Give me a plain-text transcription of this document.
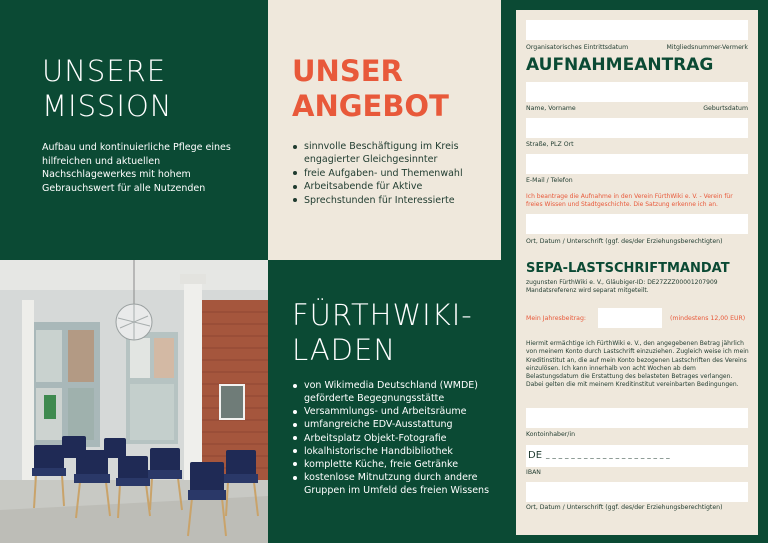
UNSERE
MISSION
Aufbau und kontinuierliche Pflege eines hilfreichen und aktuellen Nachschlagewerkes mit hohem Gebrauchswert für alle Nutzenden
UNSER
ANGEBOT
sinnvolle Beschäftigung im Kreis engagierter Gleichgesinnter
freie Aufgaben- und Themenwahl
Arbeitsabende für Aktive
Sprechstunden für Interessierte
FÜRTHWIKI-
LADEN
von Wikimedia Deutschland (WMDE) geförderte Begegnungsstätte
Versammlungs- und Arbeitsräume
umfangreiche EDV-Ausstattung
Arbeitsplatz Objekt-Fotografie
lokalhistorische Handbibliothek
komplette Küche, freie Getränke
kostenlose Mitnutzung durch andere Gruppen im Umfeld des freien Wissens
Organisatorisches Eintrittsdatum	Mitgliedsnummer-Vermerk
AUFNAHMEANTRAG
Name, Vorname	Geburtsdatum
Straße, PLZ Ort
E-Mail / Telefon
Ich beantrage die Aufnahme in den Verein FürthWiki e. V. - Verein für freies Wissen und Stadtgeschichte. Die Satzung erkenne ich an.
Ort, Datum / Unterschrift (ggf. des/der Erziehungsberechtigten)
SEPA-LASTSCHRIFTMANDAT
zugunsten FürthWiki e. V., Gläubiger-ID: DE27ZZZ00001207909
Mandatsreferenz wird separat mitgeteilt.
Mein Jahresbeitrag:	(mindestens 12,00 EUR)
Hiermit ermächtige ich FürthWiki e. V., den angegebenen Betrag jährlich von meinem Konto durch Lastschrift einzuziehen. Zugleich weise ich mein Kreditinstitut an, die auf mein Konto bezogenen Lastschriften des Vereins einzulösen. Ich kann innerhalb von acht Wochen ab dem Belastungsdatum die Erstattung des belasteten Betrages verlangen. Dabei gelten die mit meinem Kreditinstitut vereinbarten Bedingungen.
Kontoinhaber/in
DE _ _ _ _ _ _ _ _ _ _ _ _ _ _ _ _ _ _ _ _
IBAN
Ort, Datum / Unterschrift (ggf. des/der Erziehungsberechtigten)
